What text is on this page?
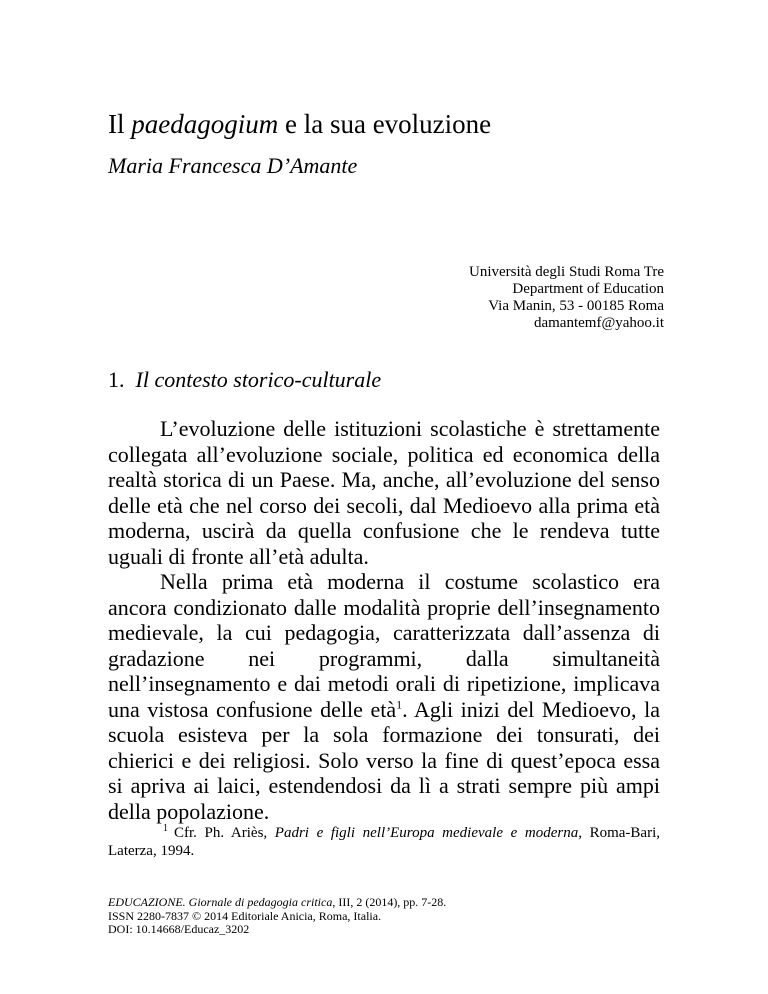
Il paedagogium e la sua evoluzione
Maria Francesca D’Amante
Università degli Studi Roma Tre
Department of Education
Via Manin, 53 - 00185 Roma
damantemf@yahoo.it
1. Il contesto storico-culturale

L’evoluzione delle istituzioni scolastiche è strettamente collegata all’evoluzione sociale, politica ed economica della realtà storica di un Paese. Ma, anche, all’evoluzione del senso delle età che nel corso dei secoli, dal Medioevo alla prima età moderna, uscirà da quella confusione che le rendeva tutte uguali di fronte all’età adulta.

Nella prima età moderna il costume scolastico era ancora condizionato dalle modalità proprie dell’insegnamento medievale, la cui pedagogia, caratterizzata dall’assenza di gradazione nei programmi, dalla simultaneità nell’insegnamento e dai metodi orali di ripetizione, implicava una vistosa confusione delle età$^1$. Agli inizi del Medioevo, la scuola esisteva per la sola formazione dei tonsurati, dei chierici e dei religiosi. Solo verso la fine di quest’epoca essa si apriva ai laici, estendendosi da lì a strati sempre più ampi della popolazione.

$^1$ Cfr. Ph. Ariès, Padri e figli nell’Europa medievale e moderna, Roma-Bari, Laterza, 1994.
EDUCAZIONE. Giornale di pedagogia critica, III, 2 (2014), pp. 7-28.
ISSN 2280-7837 © 2014 Editoriale Anicia, Roma, Italia.
DOI: 10.14668/Educaz_3202
